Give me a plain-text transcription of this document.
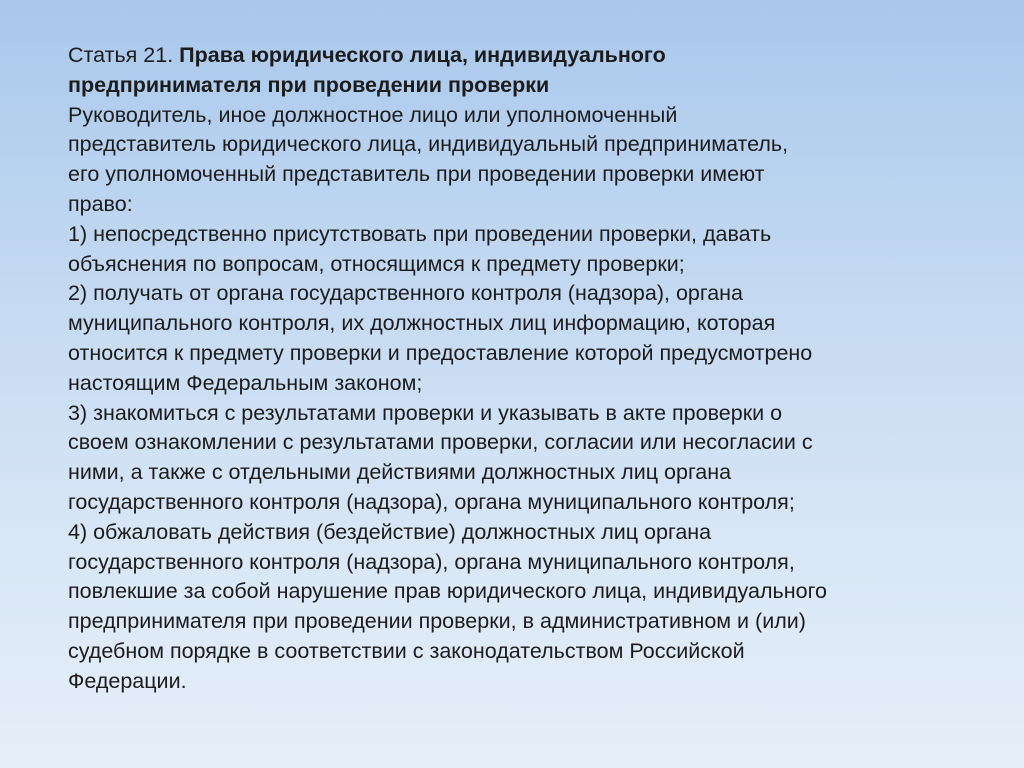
Статья 21. Права юридического лица, индивидуального
предпринимателя при проведении проверки
Руководитель, иное должностное лицо или уполномоченный
представитель юридического лица, индивидуальный предприниматель,
его уполномоченный представитель при проведении проверки имеют
право:
1) непосредственно присутствовать при проведении проверки, давать
объяснения по вопросам, относящимся к предмету проверки;
2) получать от органа государственного контроля (надзора), органа
муниципального контроля, их должностных лиц информацию, которая
относится к предмету проверки и предоставление которой предусмотрено
настоящим Федеральным законом;
3) знакомиться с результатами проверки и указывать в акте проверки о
своем ознакомлении с результатами проверки, согласии или несогласии с
ними, а также с отдельными действиями должностных лиц органа
государственного контроля (надзора), органа муниципального контроля;
4) обжаловать действия (бездействие) должностных лиц органа
государственного контроля (надзора), органа муниципального контроля,
повлекшие за собой нарушение прав юридического лица, индивидуального
предпринимателя при проведении проверки, в административном и (или)
судебном порядке в соответствии с законодательством Российской
Федерации.
